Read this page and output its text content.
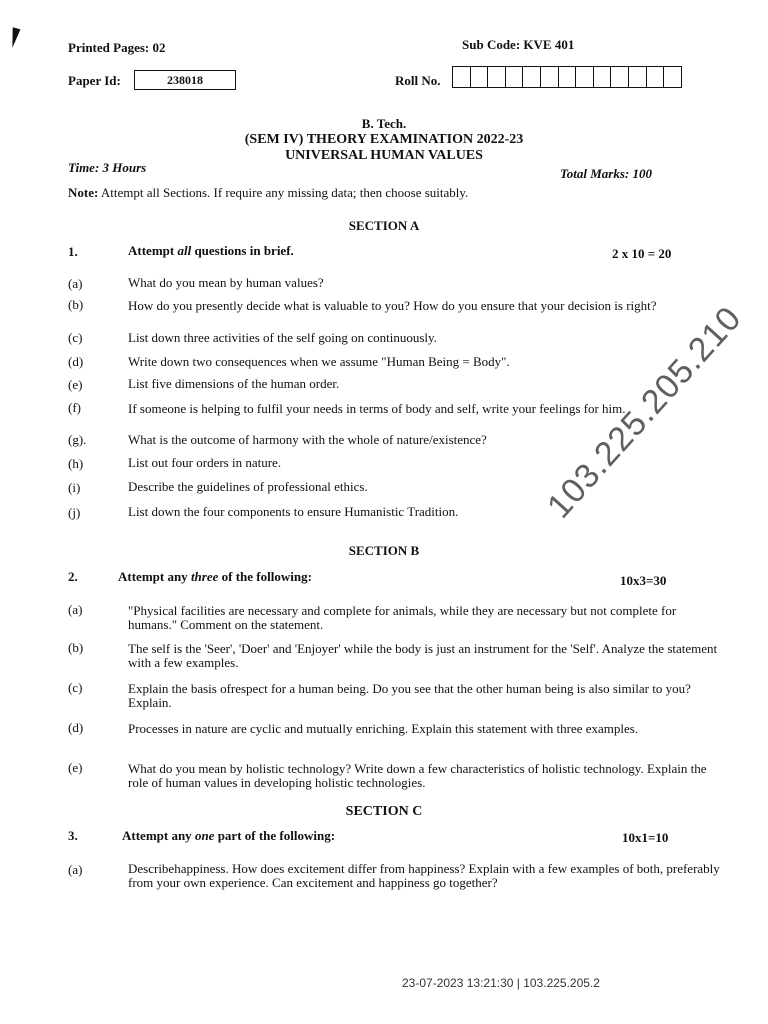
Printed Pages: 02	Sub Code: KVE 401
Paper Id:	238018	Roll No.
B. Tech.
(SEM IV) THEORY EXAMINATION 2022-23
UNIVERSAL HUMAN VALUES
Time: 3 Hours	Total Marks: 100
Note: Attempt all Sections. If require any missing data; then choose suitably.
SECTION A
1.	Attempt all questions in brief.	2 x 10 = 20
(a)	What do you mean by human values?
(b)	How do you presently decide what is valuable to you? How do you ensure that your decision is right?
(c)	List down three activities of the self going on continuously.
(d)	Write down two consequences when we assume "Human Being = Body".
(e)	List five dimensions of the human order.
(f)	If someone is helping to fulfil your needs in terms of body and self, write your feelings for him.
(g).	What is the outcome of harmony with the whole of nature/existence?
(h)	List out four orders in nature.
(i)	Describe the guidelines of professional ethics.
(j)	List down the four components to ensure Humanistic Tradition.
SECTION B
2.	Attempt any three of the following:	10x3=30
(a)	"Physical facilities are necessary and complete for animals, while they are necessary but not complete for humans." Comment on the statement.
(b)	The self is the 'Seer', 'Doer' and 'Enjoyer' while the body is just an instrument for the 'Self'. Analyze the statement with a few examples.
(c)	Explain the basis ofrespect for a human being. Do you see that the other human being is also similar to you? Explain.
(d)	Processes in nature are cyclic and mutually enriching. Explain this statement with three examples.
(e)	What do you mean by holistic technology? Write down a few characteristics of holistic technology. Explain the role of human values in developing holistic technologies.
SECTION C
3.	Attempt any one part of the following:	10x1=10
(a)	Describehappiness. How does excitement differ from happiness? Explain with a few examples of both, preferably from your own experience. Can excitement and happiness go together?
103.225.205.210
23-07-2023 13:21:30 | 103.225.205.2
